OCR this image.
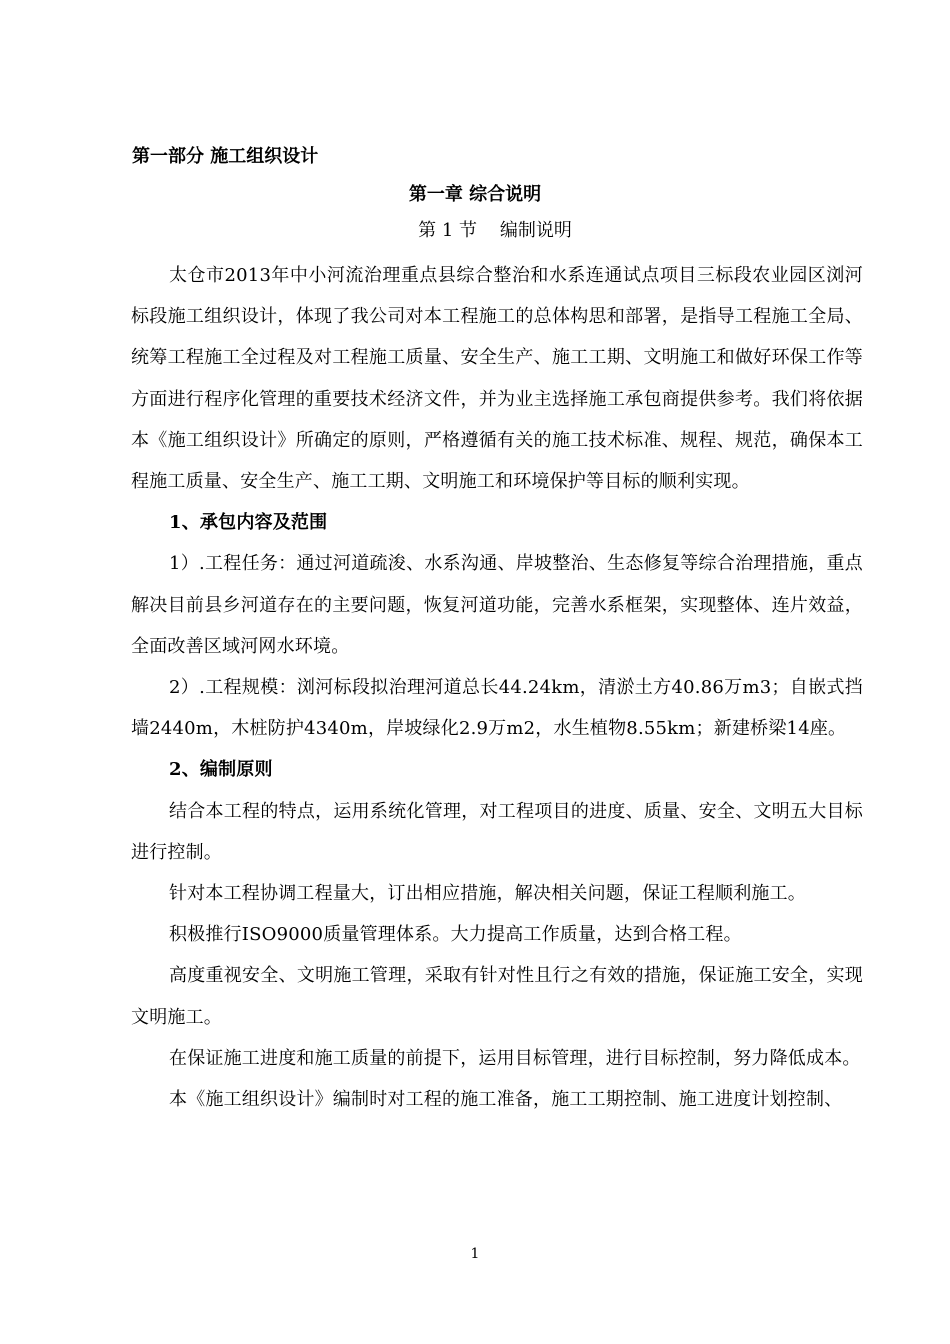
第一部分 施工组织设计
第一章 综合说明
第 1 节    编制说明

太仓市2013年中小河流治理重点县综合整治和水系连通试点项目三标段农业园区浏河标段施工组织设计，体现了我公司对本工程施工的总体构思和部署，是指导工程施工全局、统筹工程施工全过程及对工程施工质量、安全生产、施工工期、文明施工和做好环保工作等方面进行程序化管理的重要技术经济文件，并为业主选择施工承包商提供参考。我们将依据本《施工组织设计》所确定的原则，严格遵循有关的施工技术标准、规程、规范，确保本工程施工质量、安全生产、施工工期、文明施工和环境保护等目标的顺利实现。

1、承包内容及范围

1）.工程任务：通过河道疏浚、水系沟通、岸坡整治、生态修复等综合治理措施，重点解决目前县乡河道存在的主要问题，恢复河道功能，完善水系框架，实现整体、连片效益，全面改善区域河网水环境。

2）.工程规模：浏河标段拟治理河道总长44.24km，清淤土方40.86万m3；自嵌式挡墙2440m，木桩防护4340m，岸坡绿化2.9万m2，水生植物8.55km；新建桥梁14座。

2、编制原则

结合本工程的特点，运用系统化管理，对工程项目的进度、质量、安全、文明五大目标进行控制。

针对本工程协调工程量大，订出相应措施，解决相关问题，保证工程顺利施工。

积极推行ISO9000质量管理体系。大力提高工作质量，达到合格工程。

高度重视安全、文明施工管理，采取有针对性且行之有效的措施，保证施工安全，实现文明施工。

在保证施工进度和施工质量的前提下，运用目标管理，进行目标控制，努力降低成本。

本《施工组织设计》编制时对工程的施工准备，施工工期控制、施工进度计划控制、

1
